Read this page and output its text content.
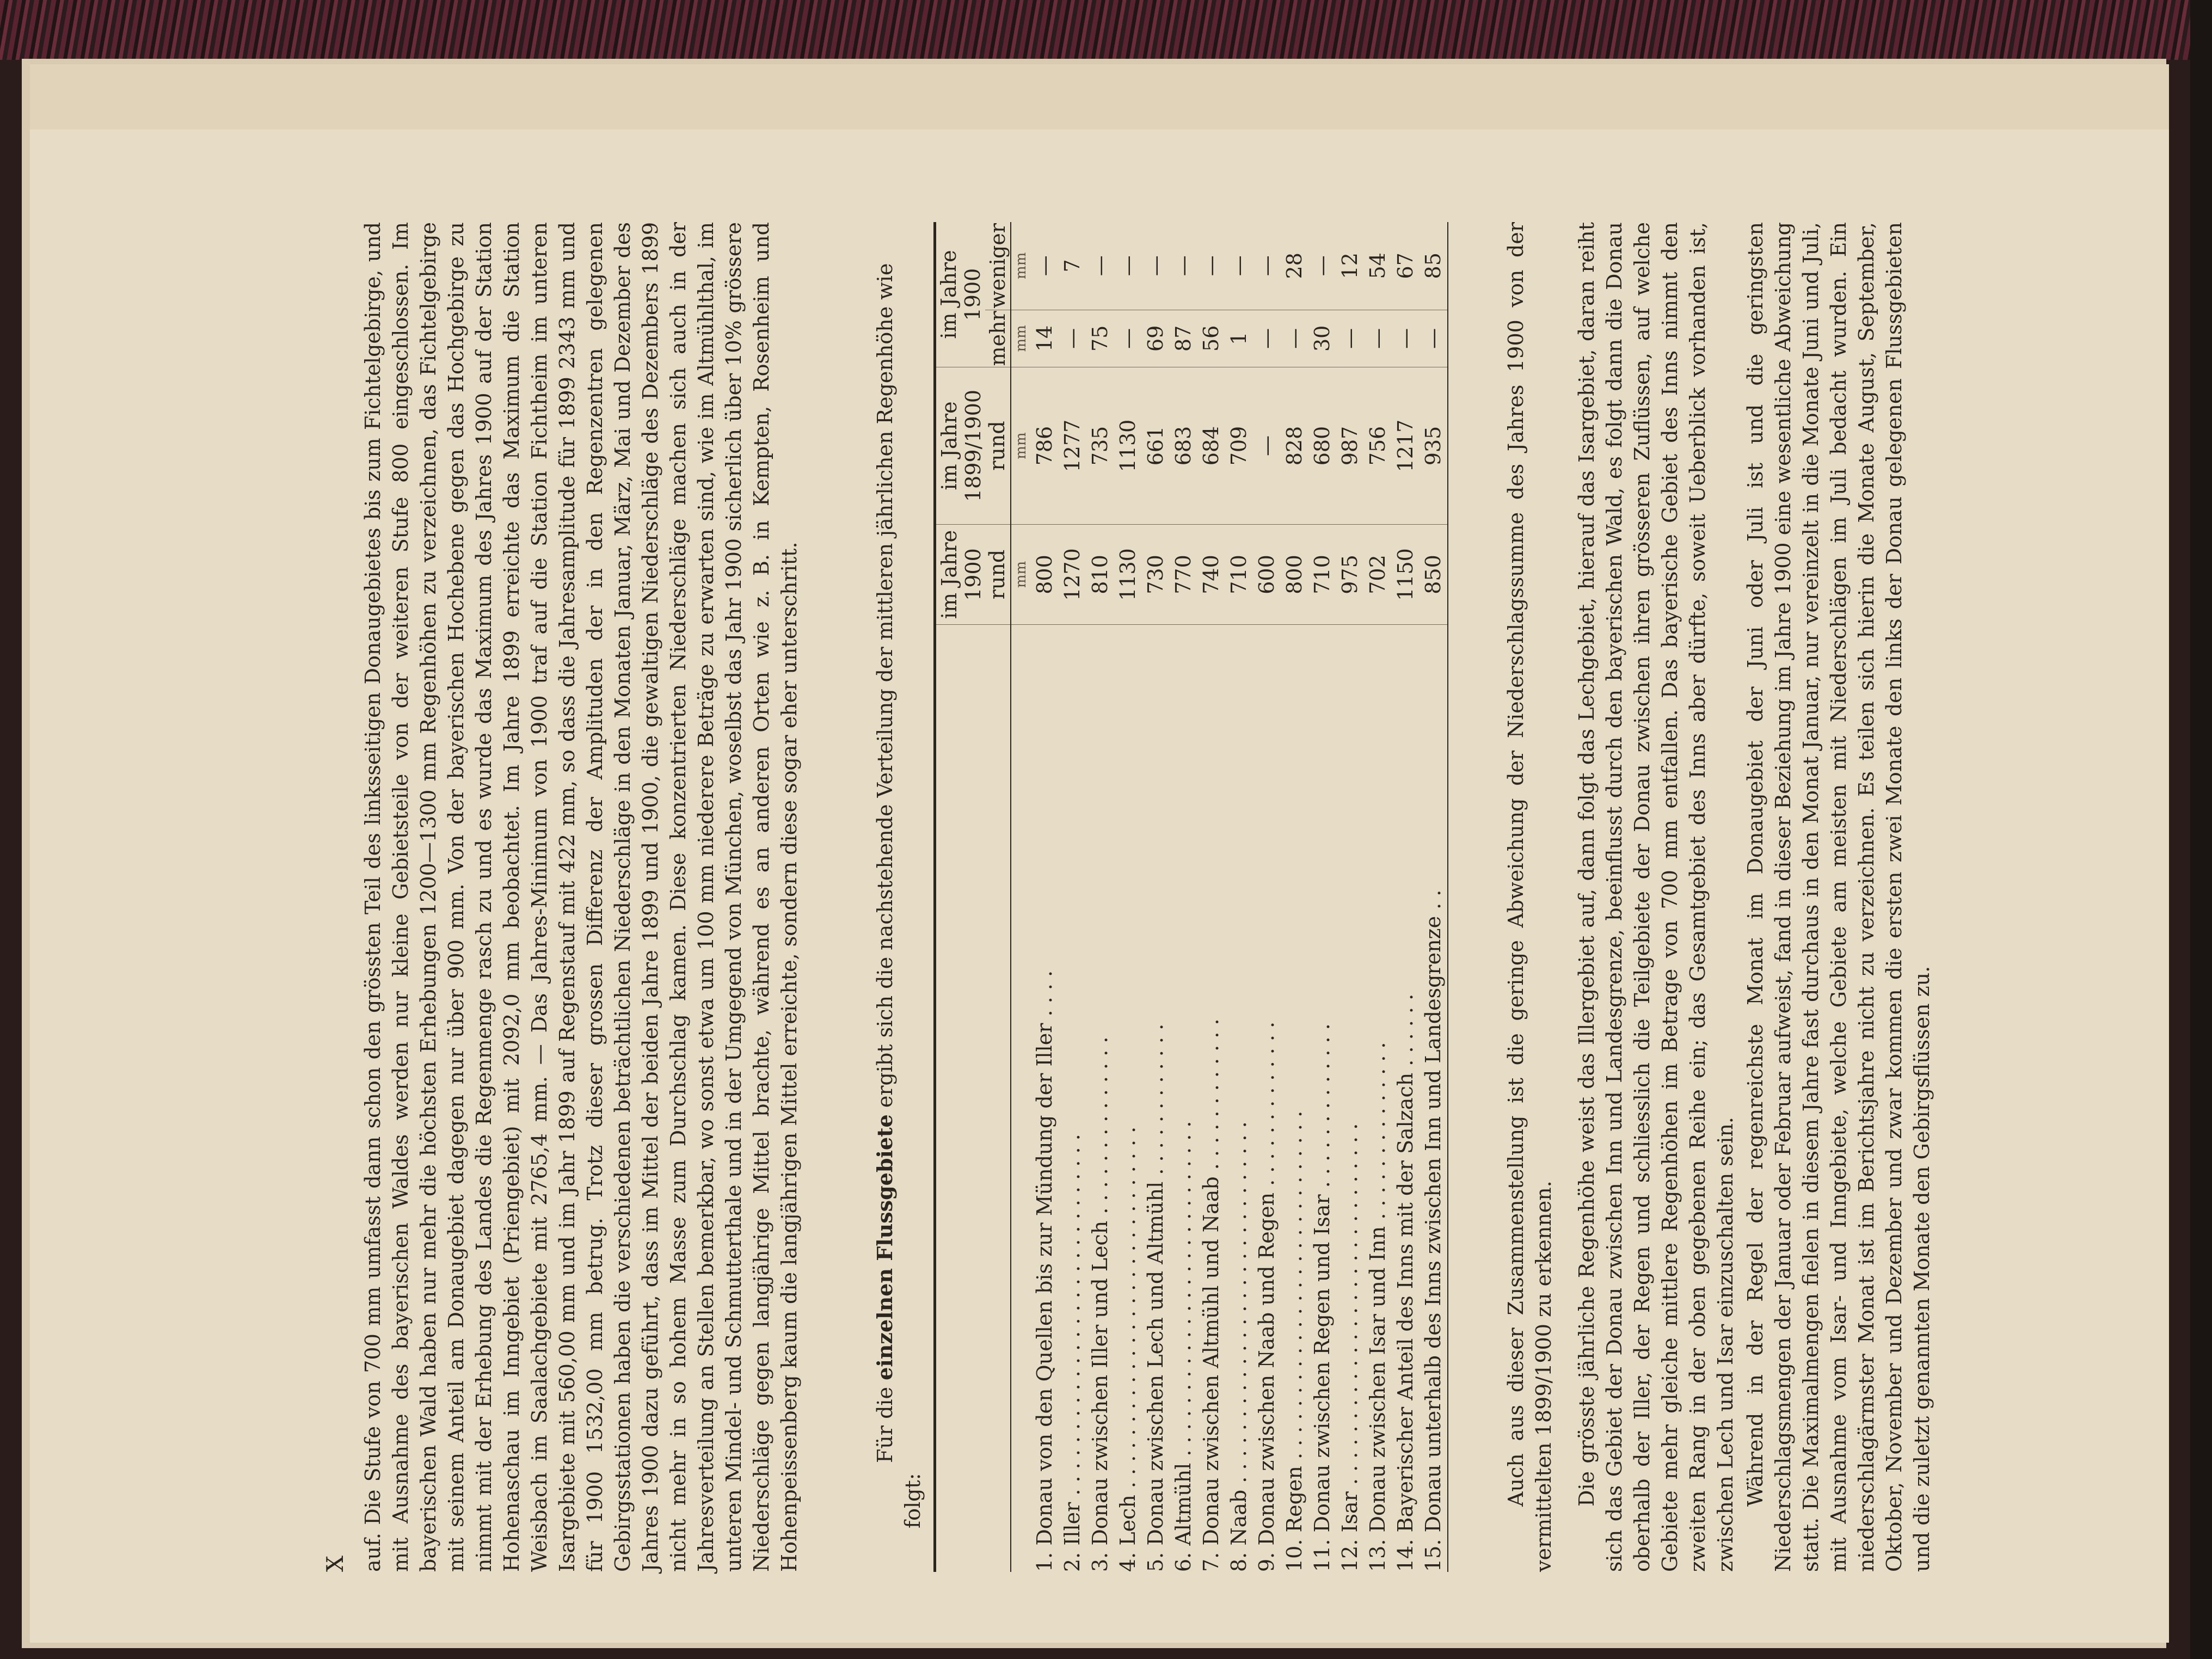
X auf. Die Stufe von 700 mm umfasst dann schon den grössten Teil des linksseitigen Donaugebietes bis zum Fichtelgebirge, und mit Ausnahme des bayerischen Waldes werden nur kleine Gebietsteile von der weiteren Stufe 800 eingeschlossen. Im bayerischen Wald haben nur mehr die höchsten Erhebungen 1200—1300 mm Regenhöhen zu verzeichnen, das Fichtelgebirge mit seinem Anteil am Donaugebiet dagegen nur über 900 mm. Von der bayerischen Hochebene gegen das Hochgebirge zu nimmt mit der Erhebung des Landes die Regenmenge rasch zu und es wurde das Maximum des Jahres 1900 auf der Station Hohenaschau im Inngebiet (Priengebiet) mit 2092,0 mm beobachtet. Im Jahre 1899 erreichte das Maximum die Station Weisbach im Saalachgebiete mit 2765,4 mm. — Das Jahres-Minimum von 1900 traf auf die Station Fichtheim im unteren Isargebiete mit 560,00 mm und im Jahr 1899 auf Regenstauf mit 422 mm, so dass die Jahresamplitude für 1899 2343 mm und für 1900 1532,00 mm betrug. Trotz dieser grossen Differenz der Amplituden der in den Regenzentren gelegenen Gebirgsstationen haben die verschiedenen beträchtlichen Niederschläge in den Monaten Januar, März, Mai und Dezember des Jahres 1900 dazu geführt, dass im Mittel der beiden Jahre 1899 und 1900, die gewaltigen Niederschläge des Dezembers 1899 nicht mehr in so hohem Masse zum Durchschlag kamen. Diese konzentrierten Niederschläge machen sich auch in der Jahresverteilung an Stellen bemerkbar, wo sonst etwa um 100 mm niederere Beträge zu erwarten sind, wie im Altmühlthal, im unteren Mindel- und Schmutterthale und in der Umgegend von München, woselbst das Jahr 1900 sicherlich über 10% grössere Niederschläge gegen langjährige Mittel brachte, während es an anderen Orten wie z. B. in Kempten, Rosenheim und Hohenpeissenberg kaum die langjährigen Mittel erreichte, sondern diese sogar eher unterschritt.	Für die einzelnen Flussgebiete ergibt sich die nachstehende Verteilung der mittleren jährlichen Regenhöhe wie folgt:

	im Jahre 1900 rund	im Jahre 1899/1900 rund	im Jahre 1900	
			mehr	weniger
	mm	mm	mm	mm
1. Donau von den Quellen bis zur Mündung der Iller . . . .	800	786	14	—
2. Iller . . . . . . . . . . . . . . . . . . . . . . . . . . . .	1270	1277	—	7
3. Donau zwischen Iller und Lech . . . . . . . . . . . . . .	810	735	75	—
4. Lech . . . . . . . . . . . . . . . . . . . . . . . . . . . .	1130	1130	—	—
5. Donau zwischen Lech und Altmühl . . . . . . . . . . . .	730	661	69	—
6. Altmühl . . . . . . . . . . . . . . . . . . . . . . . . . .	770	683	87	—
7. Donau zwischen Altmühl und Naab . . . . . . . . . . . .	740	684	56	—
8. Naab . . . . . . . . . . . . . . . . . . . . . . . . . . . .	710	709	1	—
9. Donau zwischen Naab und Regen . . . . . . . . . . . . .	600	—	—	—
10. Regen . . . . . . . . . . . . . . . . . . . . . . . . . . .	800	828	—	28
11. Donau zwischen Regen und Isar . . . . . . . . . . . . .	710	680	30	—
12. Isar . . . . . . . . . . . . . . . . . . . . . . . . . . . .	975	987	—	12
13. Donau zwischen Isar und Inn . . . . . . . . . . . . . .	702	756	—	54
14. Bayerischer Anteil des Inns mit der Salzach . . . . . .	1150	1217	—	67
15. Donau unterhalb des Inns zwischen Inn und Landesgrenze . .	850	935	—	85	Auch aus dieser Zusammenstellung ist die geringe Abweichung der Niederschlagssumme des Jahres 1900 von der vermittelten 1899/1900 zu erkennen. Die grösste jährliche Regenhöhe weist das Illergebiet auf, dann folgt das Lechgebiet, hierauf das Isargebiet, daran reiht sich das Gebiet der Donau zwischen Inn und Landesgrenze, beeinflusst durch den bayerischen Wald, es folgt dann die Donau oberhalb der Iller, der Regen und schliesslich die Teilgebiete der Donau zwischen ihren grösseren Zuflüssen, auf welche Gebiete mehr gleiche mittlere Regenhöhen im Betrage von 700 mm entfallen. Das bayerische Gebiet des Inns nimmt den zweiten Rang in der oben gegebenen Reihe ein; das Gesamtgebiet des Inns aber dürfte, soweit Ueberblick vorhanden ist, zwischen Lech und Isar einzuschalten sein. Während in der Regel der regenreichste Monat im Donaugebiet der Juni oder Juli ist und die geringsten Niederschlagsmengen der Januar oder Februar aufweist, fand in dieser Beziehung im Jahre 1900 eine wesentliche Abweichung statt. Die Maximalmengen fielen in diesem Jahre fast durchaus in den Monat Januar, nur vereinzelt in die Monate Juni und Juli, mit Ausnahme vom Isar- und Inngebiete, welche Gebiete am meisten mit Niederschlägen im Juli bedacht wurden. Ein niederschlagärmster Monat ist im Berichtsjahre nicht zu verzeichnen. Es teilen sich hierin die Monate August, September, Oktober, November und Dezember und zwar kommen die ersten zwei Monate den links der Donau gelegenen Flussgebieten und die zuletzt genannten Monate den Gebirgsflüssen zu.
